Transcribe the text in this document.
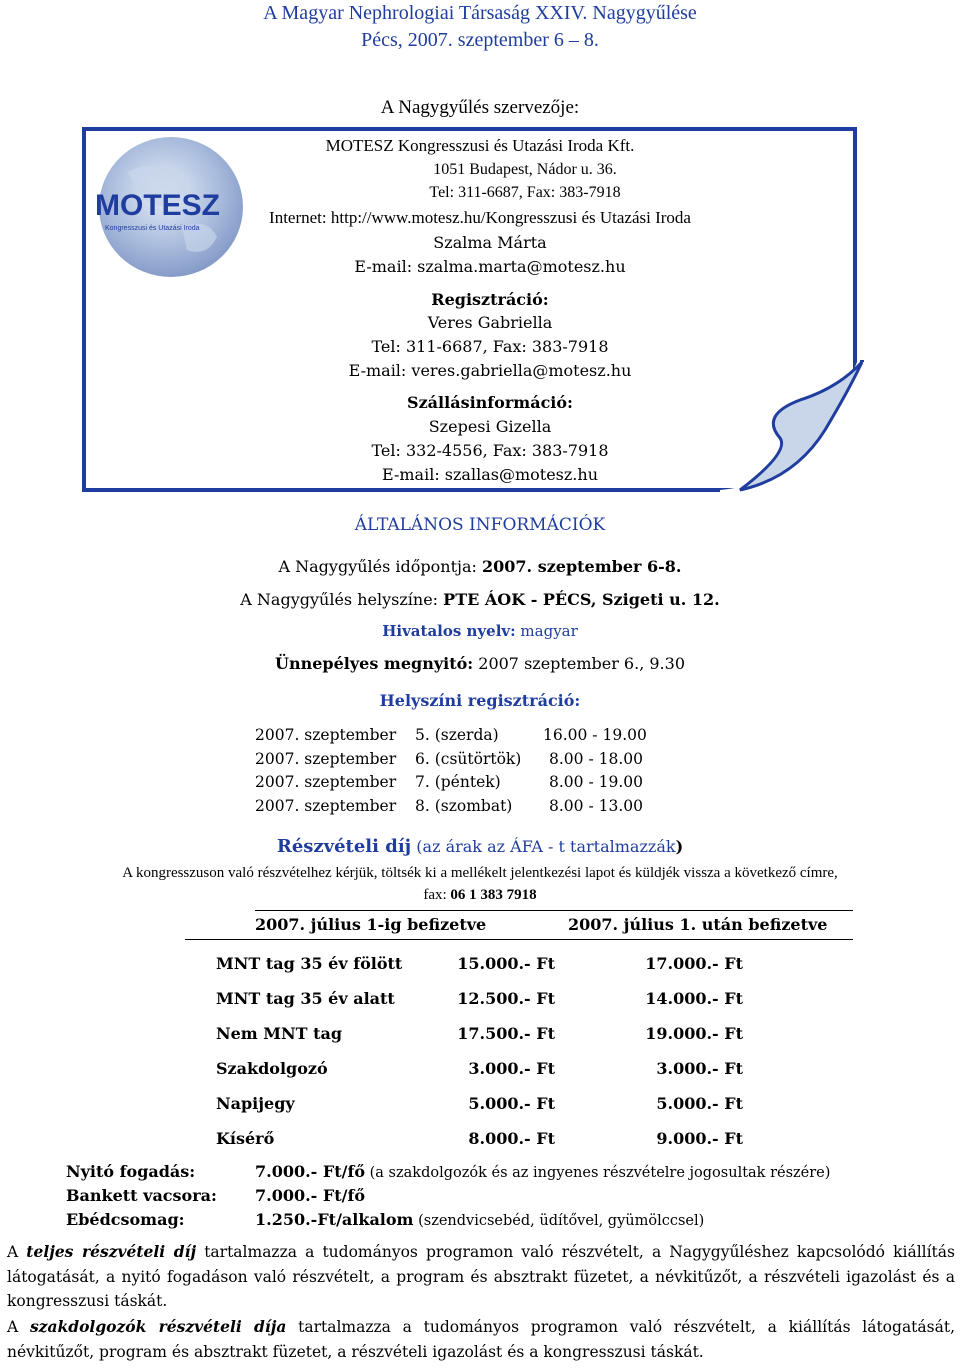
A Magyar Nephrologiai Társaság XXIV. Nagygyűlése
Pécs, 2007. szeptember 6 – 8.
A Nagygyűlés szervezője:
MOTESZ
Kongresszusi és Utazási Iroda
MOTESZ Kongresszusi és Utazási Iroda Kft.
1051 Budapest, Nádor u. 36.
Tel: 311-6687, Fax: 383-7918
Internet: http://www.motesz.hu/Kongresszusi és Utazási Iroda
Szalma Márta
E-mail: szalma.marta@motesz.hu
Regisztráció:
Veres Gabriella
Tel: 311-6687, Fax: 383-7918
E-mail: veres.gabriella@motesz.hu
Szállásinformáció:
Szepesi Gizella
Tel: 332-4556, Fax: 383-7918
E-mail: szallas@motesz.hu
ÁLTALÁNOS INFORMÁCIÓK
A Nagygyűlés időpontja: 2007. szeptember 6-8.
A Nagygyűlés helyszíne: PTE ÁOK - PÉCS, Szigeti u. 12.
Hivatalos nyelv: magyar
Ünnepélyes megnyitó: 2007 szeptember 6., 9.30
Helyszíni regisztráció:
2007. szeptember 5. (szerda)	16.00 - 19.00
2007. szeptember 6. (csütörtök) 8.00 - 18.00
2007. szeptember 7. (péntek)	8.00 - 19.00
2007. szeptember 8. (szombat) 8.00 - 13.00
Részvételi díj (az árak az ÁFA - t tartalmazzák)
A kongresszuson való részvételhez kérjük, töltsék ki a mellékelt jelentkezési lapot és küldjék vissza a következő címre,
fax: 06 1 383 7918
2007. július 1-ig befizetve	2007. július 1. után befizetve
MNT tag 35 év fölött	15.000.- Ft	17.000.- Ft
MNT tag 35 év alatt	12.500.- Ft	14.000.- Ft
Nem MNT tag	17.500.- Ft	19.000.- Ft
Szakdolgozó	3.000.- Ft	3.000.- Ft
Napijegy	5.000.- Ft	5.000.- Ft
Kísérő	8.000.- Ft	9.000.- Ft
Nyitó fogadás:	7.000.- Ft/fő (a szakdolgozók és az ingyenes részvételre jogosultak részére)
Bankett vacsora: 7.000.- Ft/fő
Ebédcsomag:	1.250.-Ft/alkalom (szendvicsebéd, üdítővel, gyümölccsel)
A teljes részvételi díj tartalmazza a tudományos programon való részvételt, a Nagygyűléshez kapcsolódó kiállítás látogatását, a nyitó fogadáson való részvételt, a program és absztrakt füzetet, a névkitűzőt, a részvételi igazolást és a kongresszusi táskát.
A szakdolgozók részvételi díja tartalmazza a tudományos programon való részvételt, a kiállítás látogatását, névkitűzőt, program és absztrakt füzetet, a részvételi igazolást és a kongresszusi táskát.
